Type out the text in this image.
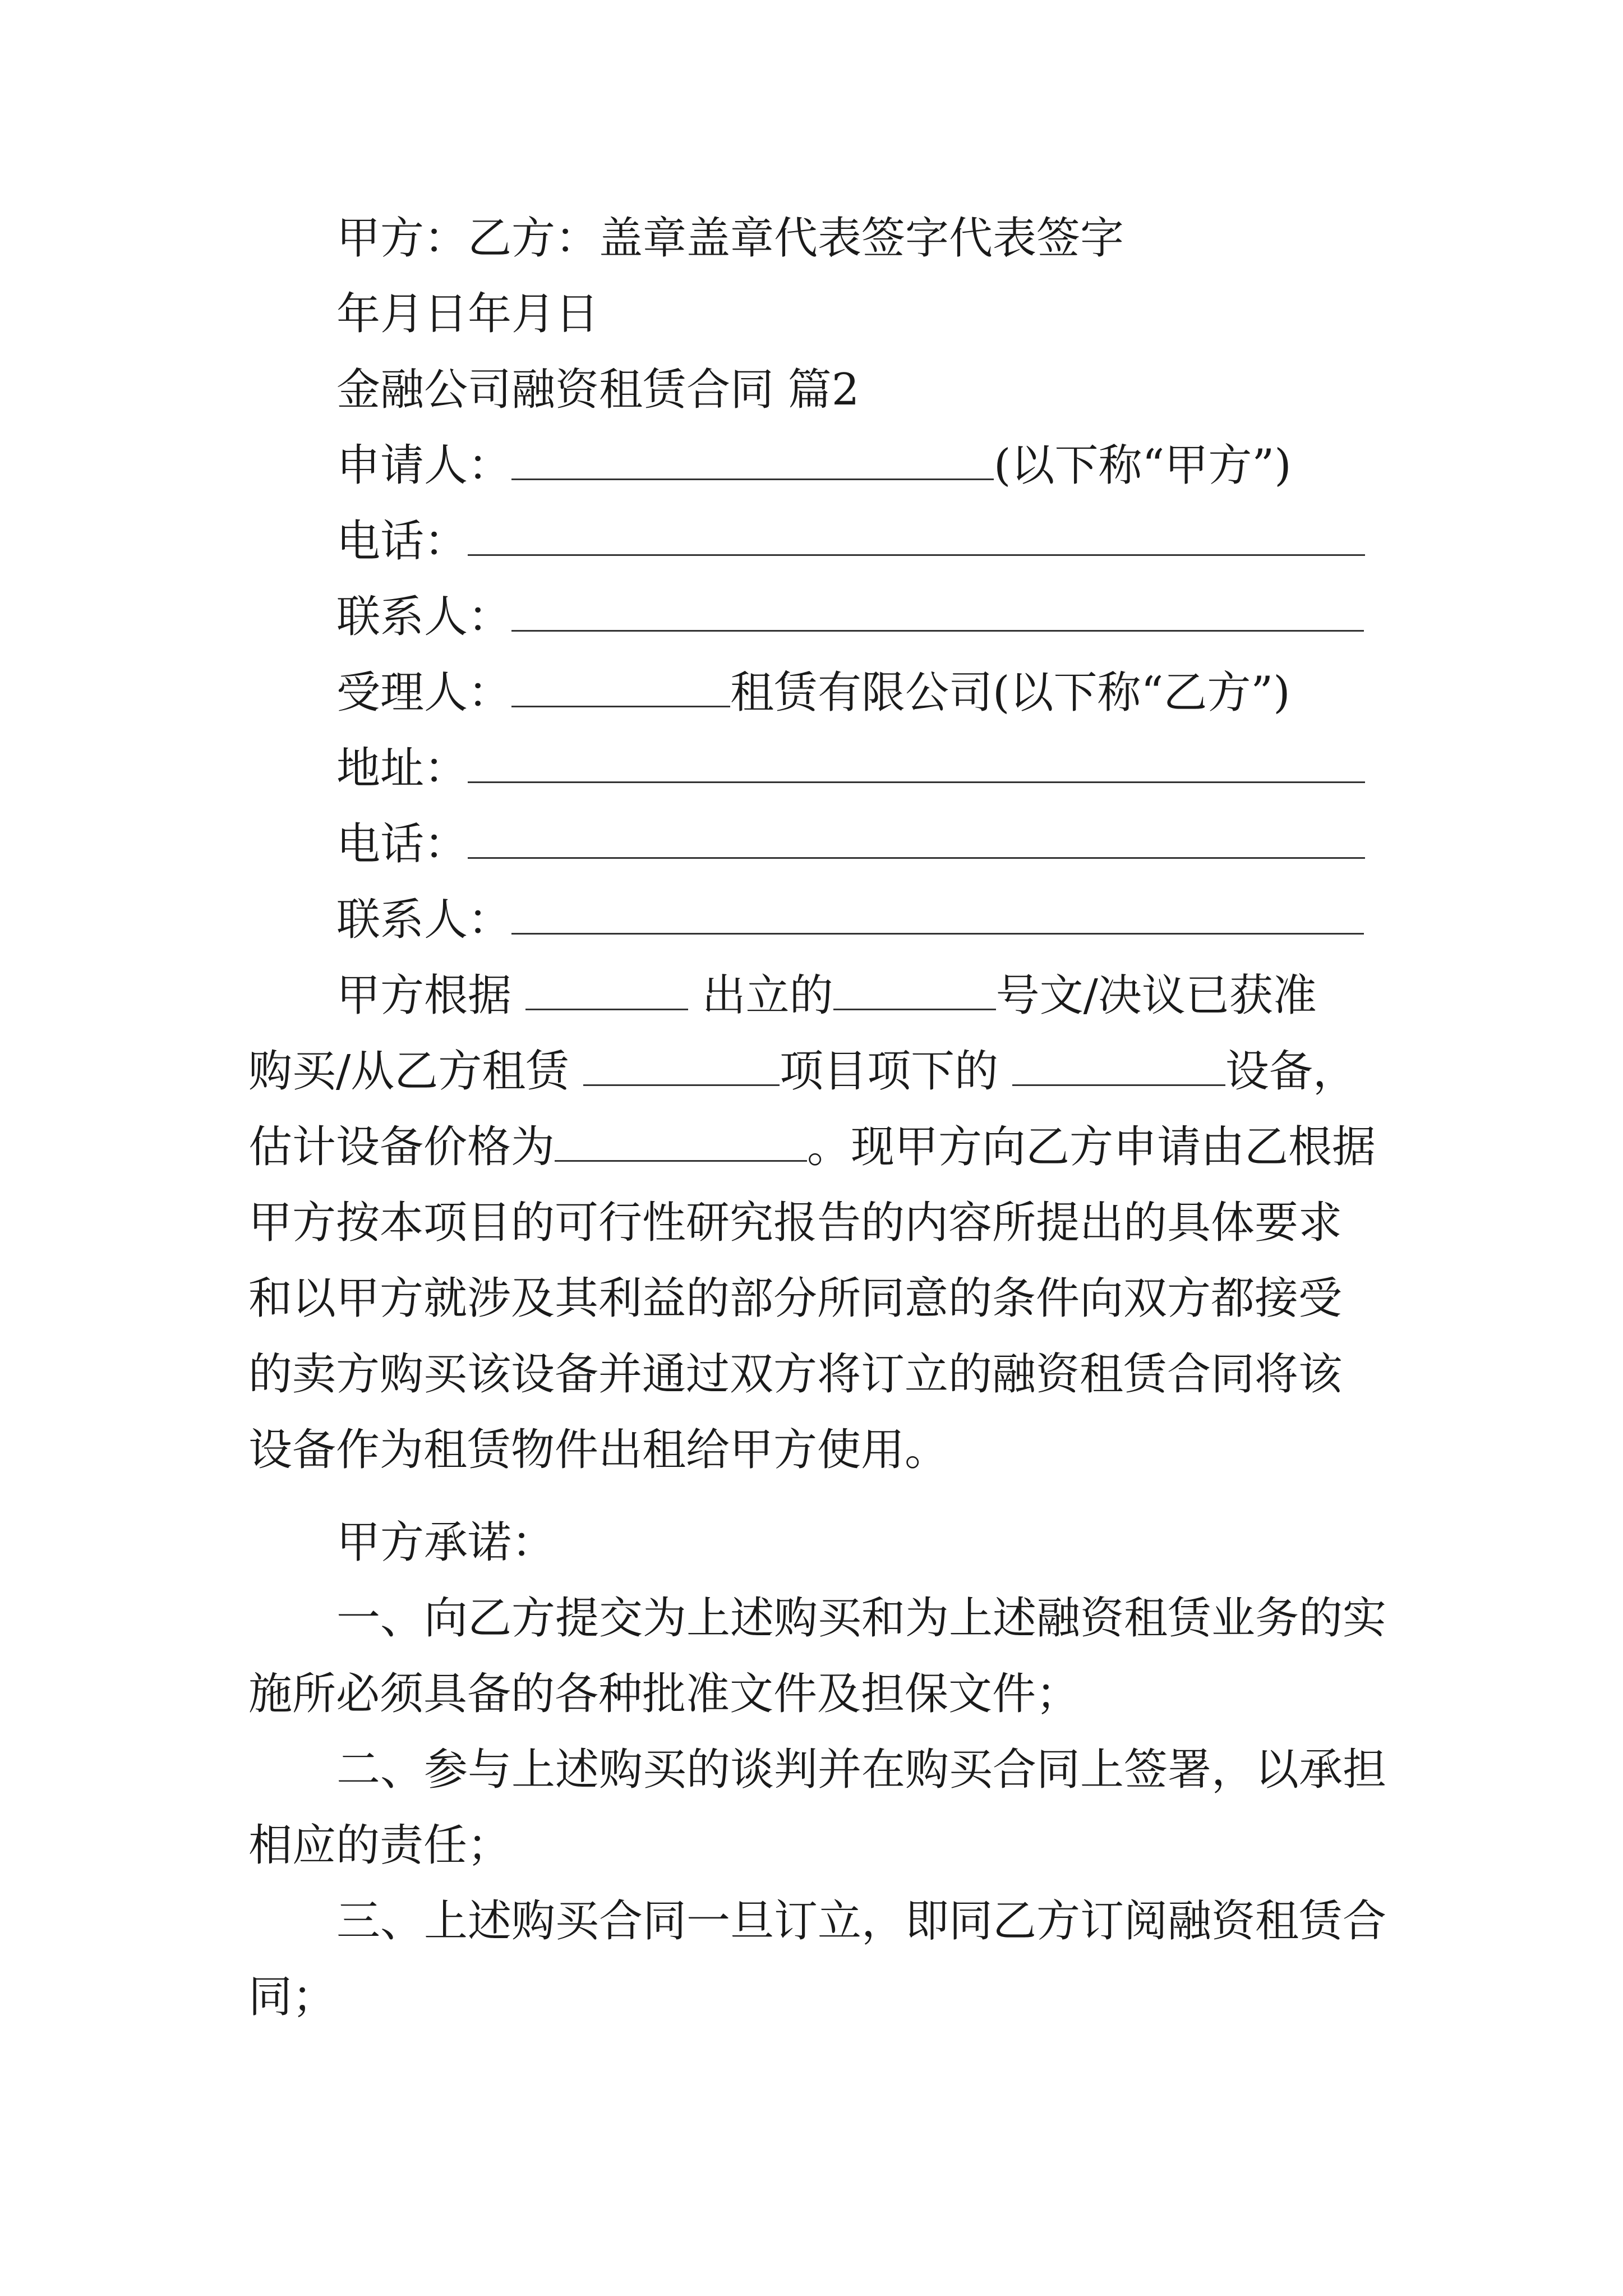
甲方：乙方：盖章盖章代表签字代表签字
年月日年月日
金融公司融资租赁合同 篇2
申请人：	(以下称“甲方”)
电话：
联系人：
受理人：	租赁有限公司(以下称“乙方”)
地址：
电话：
联系人：
甲方根据	出立的	号文/决议已获准
购买/从乙方租赁	项目项下的	设备，
估计设备价格为	。现甲方向乙方申请由乙根据
甲方按本项目的可行性研究报告的内容所提出的具体要求
和以甲方就涉及其利益的部分所同意的条件向双方都接受
的卖方购买该设备并通过双方将订立的融资租赁合同将该
设备作为租赁物件出租给甲方使用。
甲方承诺：
一、向乙方提交为上述购买和为上述融资租赁业务的实
施所必须具备的各种批准文件及担保文件；
二、参与上述购买的谈判并在购买合同上签署，以承担
相应的责任；
三、上述购买合同一旦订立，即同乙方订阅融资租赁合
同；
